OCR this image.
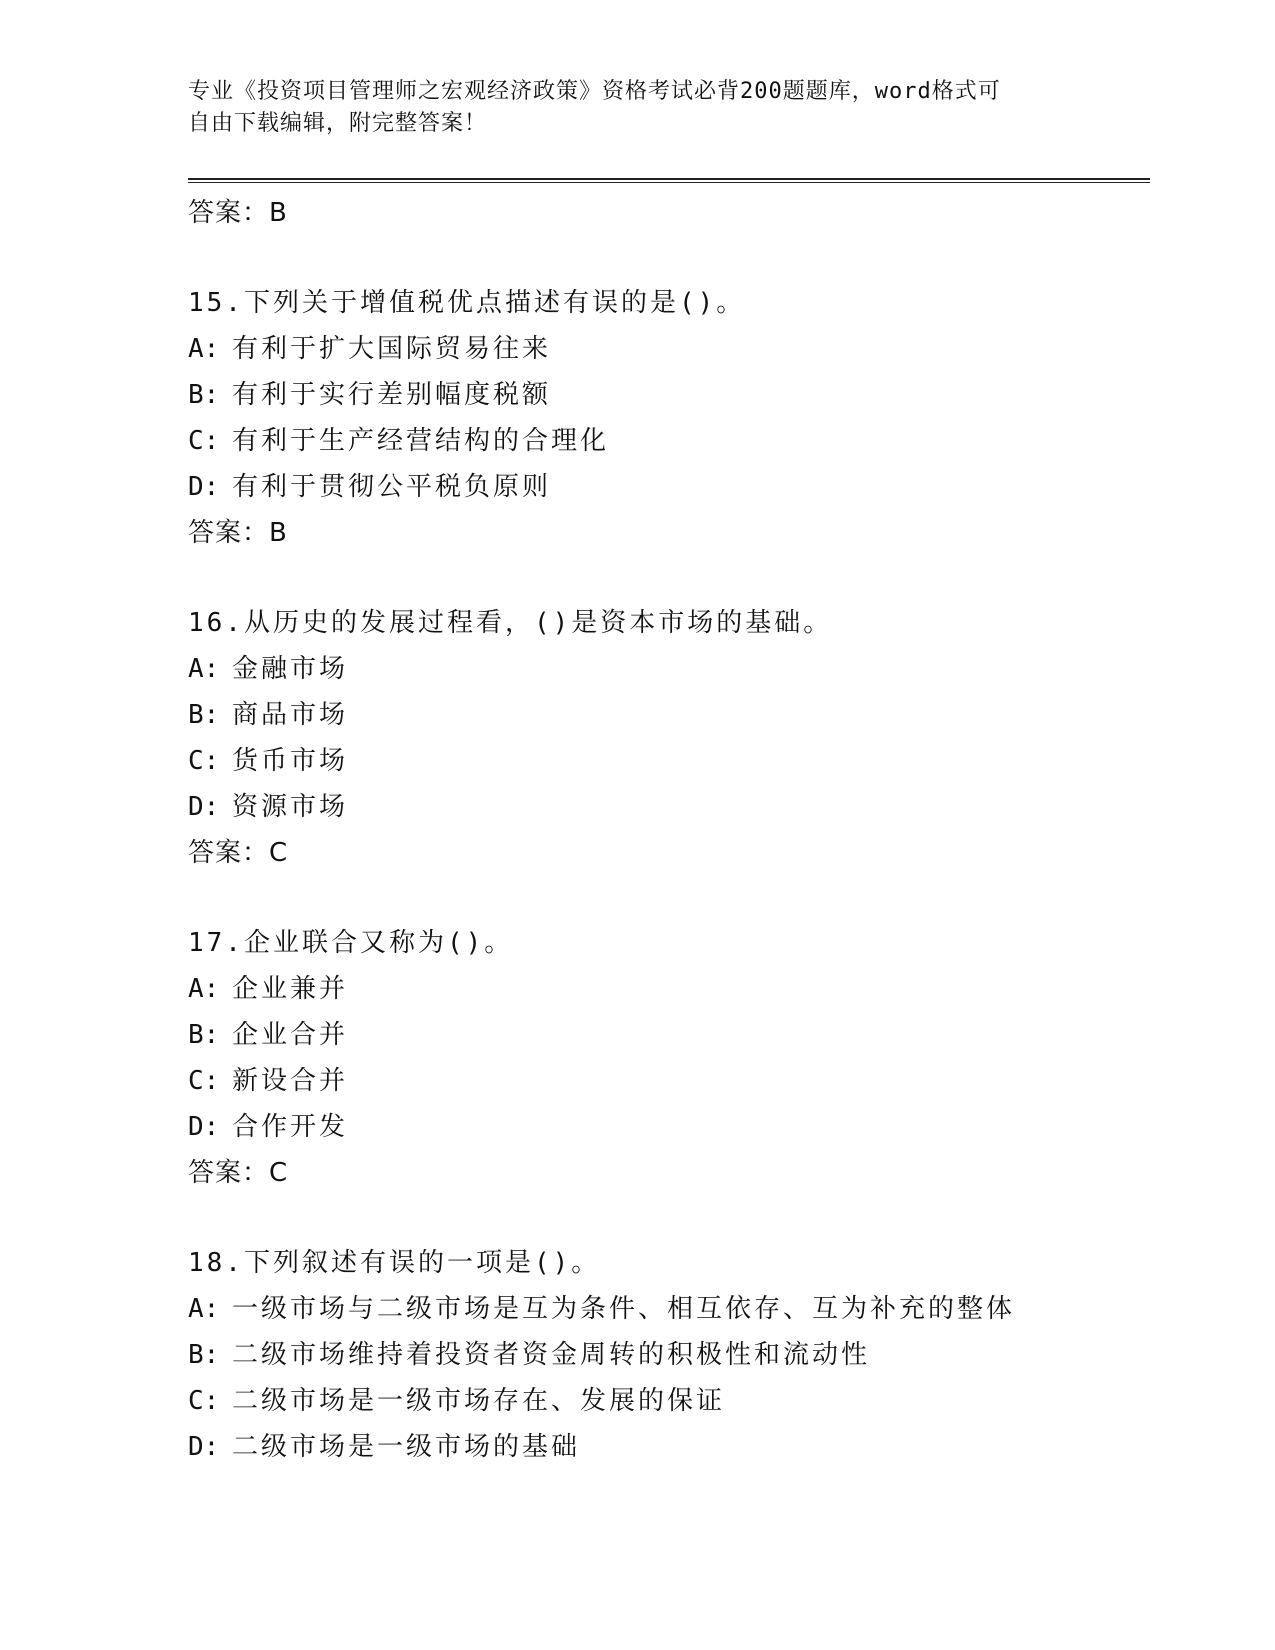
专业《投资项目管理师之宏观经济政策》资格考试必背200题题库，word格式可
自由下载编辑，附完整答案！
答案：B
15.下列关于增值税优点描述有误的是()。
A: 有利于扩大国际贸易往来
B: 有利于实行差别幅度税额
C: 有利于生产经营结构的合理化
D: 有利于贯彻公平税负原则
答案：B
16.从历史的发展过程看，()是资本市场的基础。
A: 金融市场
B: 商品市场
C: 货币市场
D: 资源市场
答案：C
17.企业联合又称为()。
A: 企业兼并
B: 企业合并
C: 新设合并
D: 合作开发
答案：C
18.下列叙述有误的一项是()。
A: 一级市场与二级市场是互为条件、相互依存、互为补充的整体
B: 二级市场维持着投资者资金周转的积极性和流动性
C: 二级市场是一级市场存在、发展的保证
D: 二级市场是一级市场的基础
